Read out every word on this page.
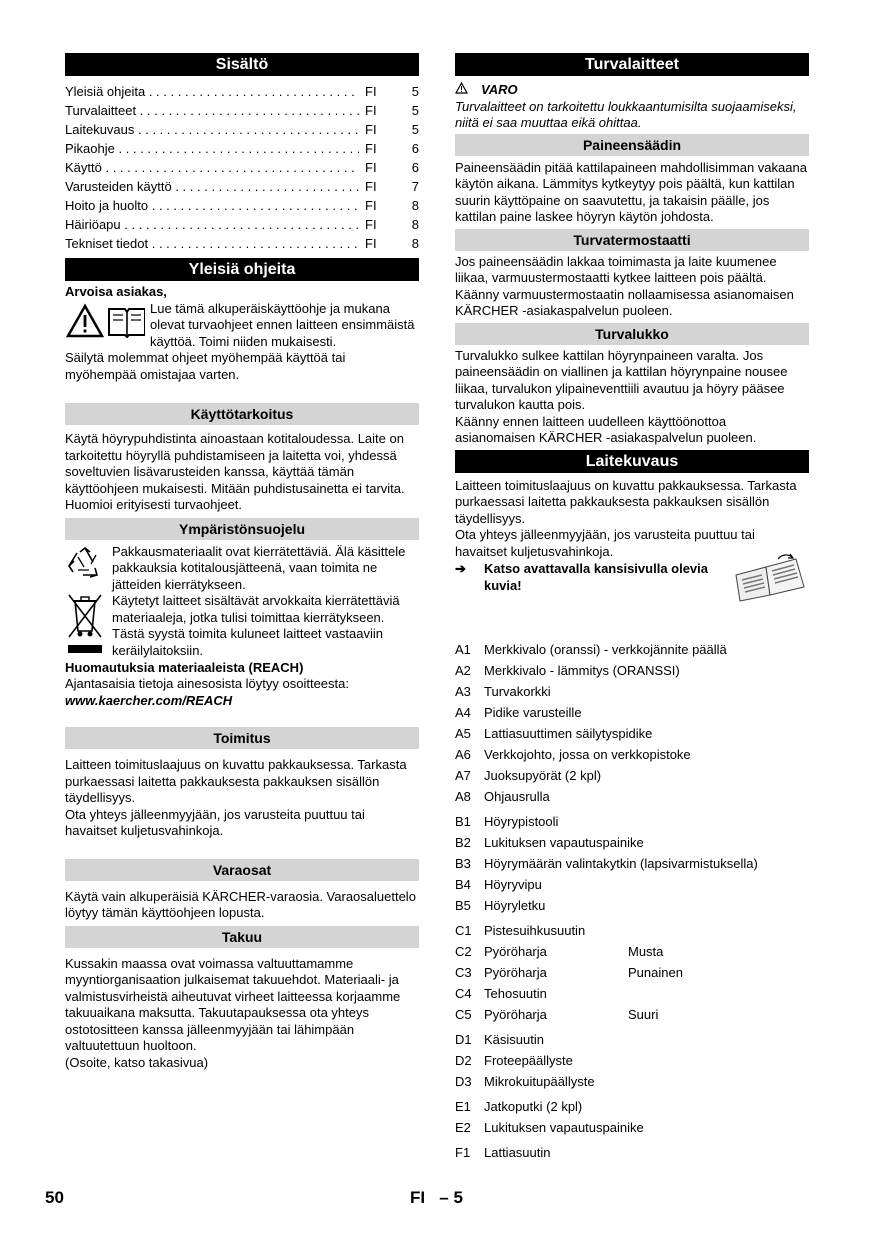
Sisältö
Yleisiä ohjeita . . .	FI	5
Turvalaitteet . . .	FI	5
Laitekuvaus . . .	FI	5
Pikaohje . . .	FI	6
Käyttö . . .	FI	6
Varusteiden käyttö . . .	FI	7
Hoito ja huolto . . .	FI	8
Häiriöapu . . .	FI	8
Tekniset tiedot . . .	FI	8
Yleisiä ohjeita

Arvoisa asiakas,

Lue tämä alkuperäiskäyttöohje ja mukana olevat turvaohjeet ennen laitteen ensimmäistä käyttöä. Toimi niiden mukaisesti.

Säilytä molemmat ohjeet myöhempää käyttöä tai myöhempää omistajaa varten.

Käyttötarkoitus

Käytä höyrypuhdistinta ainoastaan kotitaloudessa. Laite on tarkoitettu höyryllä puhdistamiseen ja laitetta voi, yhdessä soveltuvien lisävarusteiden kanssa, käyttää tämän käyttöohjeen mukaisesti. Mitään puhdistusainetta ei tarvita. Huomioi erityisesti turvaohjeet.

Ympäristönsuojelu

Pakkausmateriaalit ovat kierrätettäviä. Älä käsittele pakkauksia kotitalousjätteenä, vaan toimita ne jätteiden kierrätykseen.

Käytetyt laitteet sisältävät arvokkaita kierrätettäviä materiaaleja, jotka tulisi toimittaa kierrätykseen. Tästä syystä toimita kuluneet laitteet vastaaviin keräilylaitoksiin.

Huomautuksia materiaaleista (REACH)

Ajantasaisia tietoja ainesosista löytyy osoitteesta:

www.kaercher.com/REACH

Toimitus

Laitteen toimituslaajuus on kuvattu pakkauksessa. Tarkasta purkaessasi laitetta pakkauksesta pakkauksen sisällön täydellisyys.

Ota yhteys jälleenmyyjään, jos varusteita puuttuu tai havaitset kuljetusvahinkoja.

Varaosat

Käytä vain alkuperäisiä KÄRCHER-varaosia. Varaosaluettelo löytyy tämän käyttöohjeen lopusta.

Takuu

Kussakin maassa ovat voimassa valtuuttamamme myyntiorganisaation julkaisemat takuuehdot. Materiaali- ja valmistusvirheistä aiheutuvat virheet laitteessa korjaamme takuuaikana maksutta. Takuutapauksessa ota yhteys ostotositteen kanssa jälleenmyyjään tai lähimpään valtuutettuun huoltoon.

(Osoite, katso takasivua)

Turvalaitteet
VARO

Turvalaitteet on tarkoitettu loukkaantumisilta suojaamiseksi, niitä ei saa muuttaa eikä ohittaa.

Paineensäädin

Paineensäädin pitää kattilapaineen mahdollisimman vakaana käytön aikana. Lämmitys kytkeytyy pois päältä, kun kattilan suurin käyttöpaine on saavutettu, ja takaisin päälle, jos kattilan paine laskee höyryn käytön johdosta.

Turvatermostaatti

Jos paineensäädin lakkaa toimimasta ja laite kuumenee liikaa, varmuustermostaatti kytkee laitteen pois päältä.

Käänny varmuustermostaatin nollaamisessa asianomaisen KÄRCHER -asiakaspalvelun puoleen.

Turvalukko

Turvalukko sulkee kattilan höyrynpaineen varalta. Jos paineensäädin on viallinen ja kattilan höyrynpaine nousee liikaa, turvalukon ylipaineventtiili avautuu ja höyry pääsee turvalukon kautta pois.

Käänny ennen laitteen uudelleen käyttöönottoa asianomaisen KÄRCHER -asiakaspalvelun puoleen.

Laitekuvaus

Laitteen toimituslaajuus on kuvattu pakkauksessa. Tarkasta purkaessasi laitetta pakkauksesta pakkauksen sisällön täydellisyys.

Ota yhteys jälleenmyyjään, jos varusteita puuttuu tai havaitset kuljetusvahinkoja.

➔	Katso avattavalla kansisivulla olevia kuvia!

A1	Merkkivalo (oranssi) - verkkojännite päällä
A2	Merkkivalo - lämmitys (ORANSSI)
A3	Turvakorkki
A4	Pidike varusteille
A5	Lattiasuuttimen säilytyspidike
A6	Verkkojohto, jossa on verkkopistoke
A7	Juoksupyörät (2 kpl)
A8	Ohjausrulla
B1	Höyrypistooli
B2	Lukituksen vapautuspainike
B3	Höyrymäärän valintakytkin (lapsivarmistuksella)
B4	Höyryvipu
B5	Höyryletku
C1 Pistesuihkusuutin
C2 Pyöröharja	Musta
C3 Pyöröharja	Punainen
C4 Tehosuutin
C5 Pyöröharja	Suuri
D1 Käsisuutin
D2 Froteepäällyste
D3 Mikrokuitupäällyste
E1	Jatkoputki (2 kpl)
E2	Lukituksen vapautuspainike
F1	Lattiasuutin
50	FI   – 5
